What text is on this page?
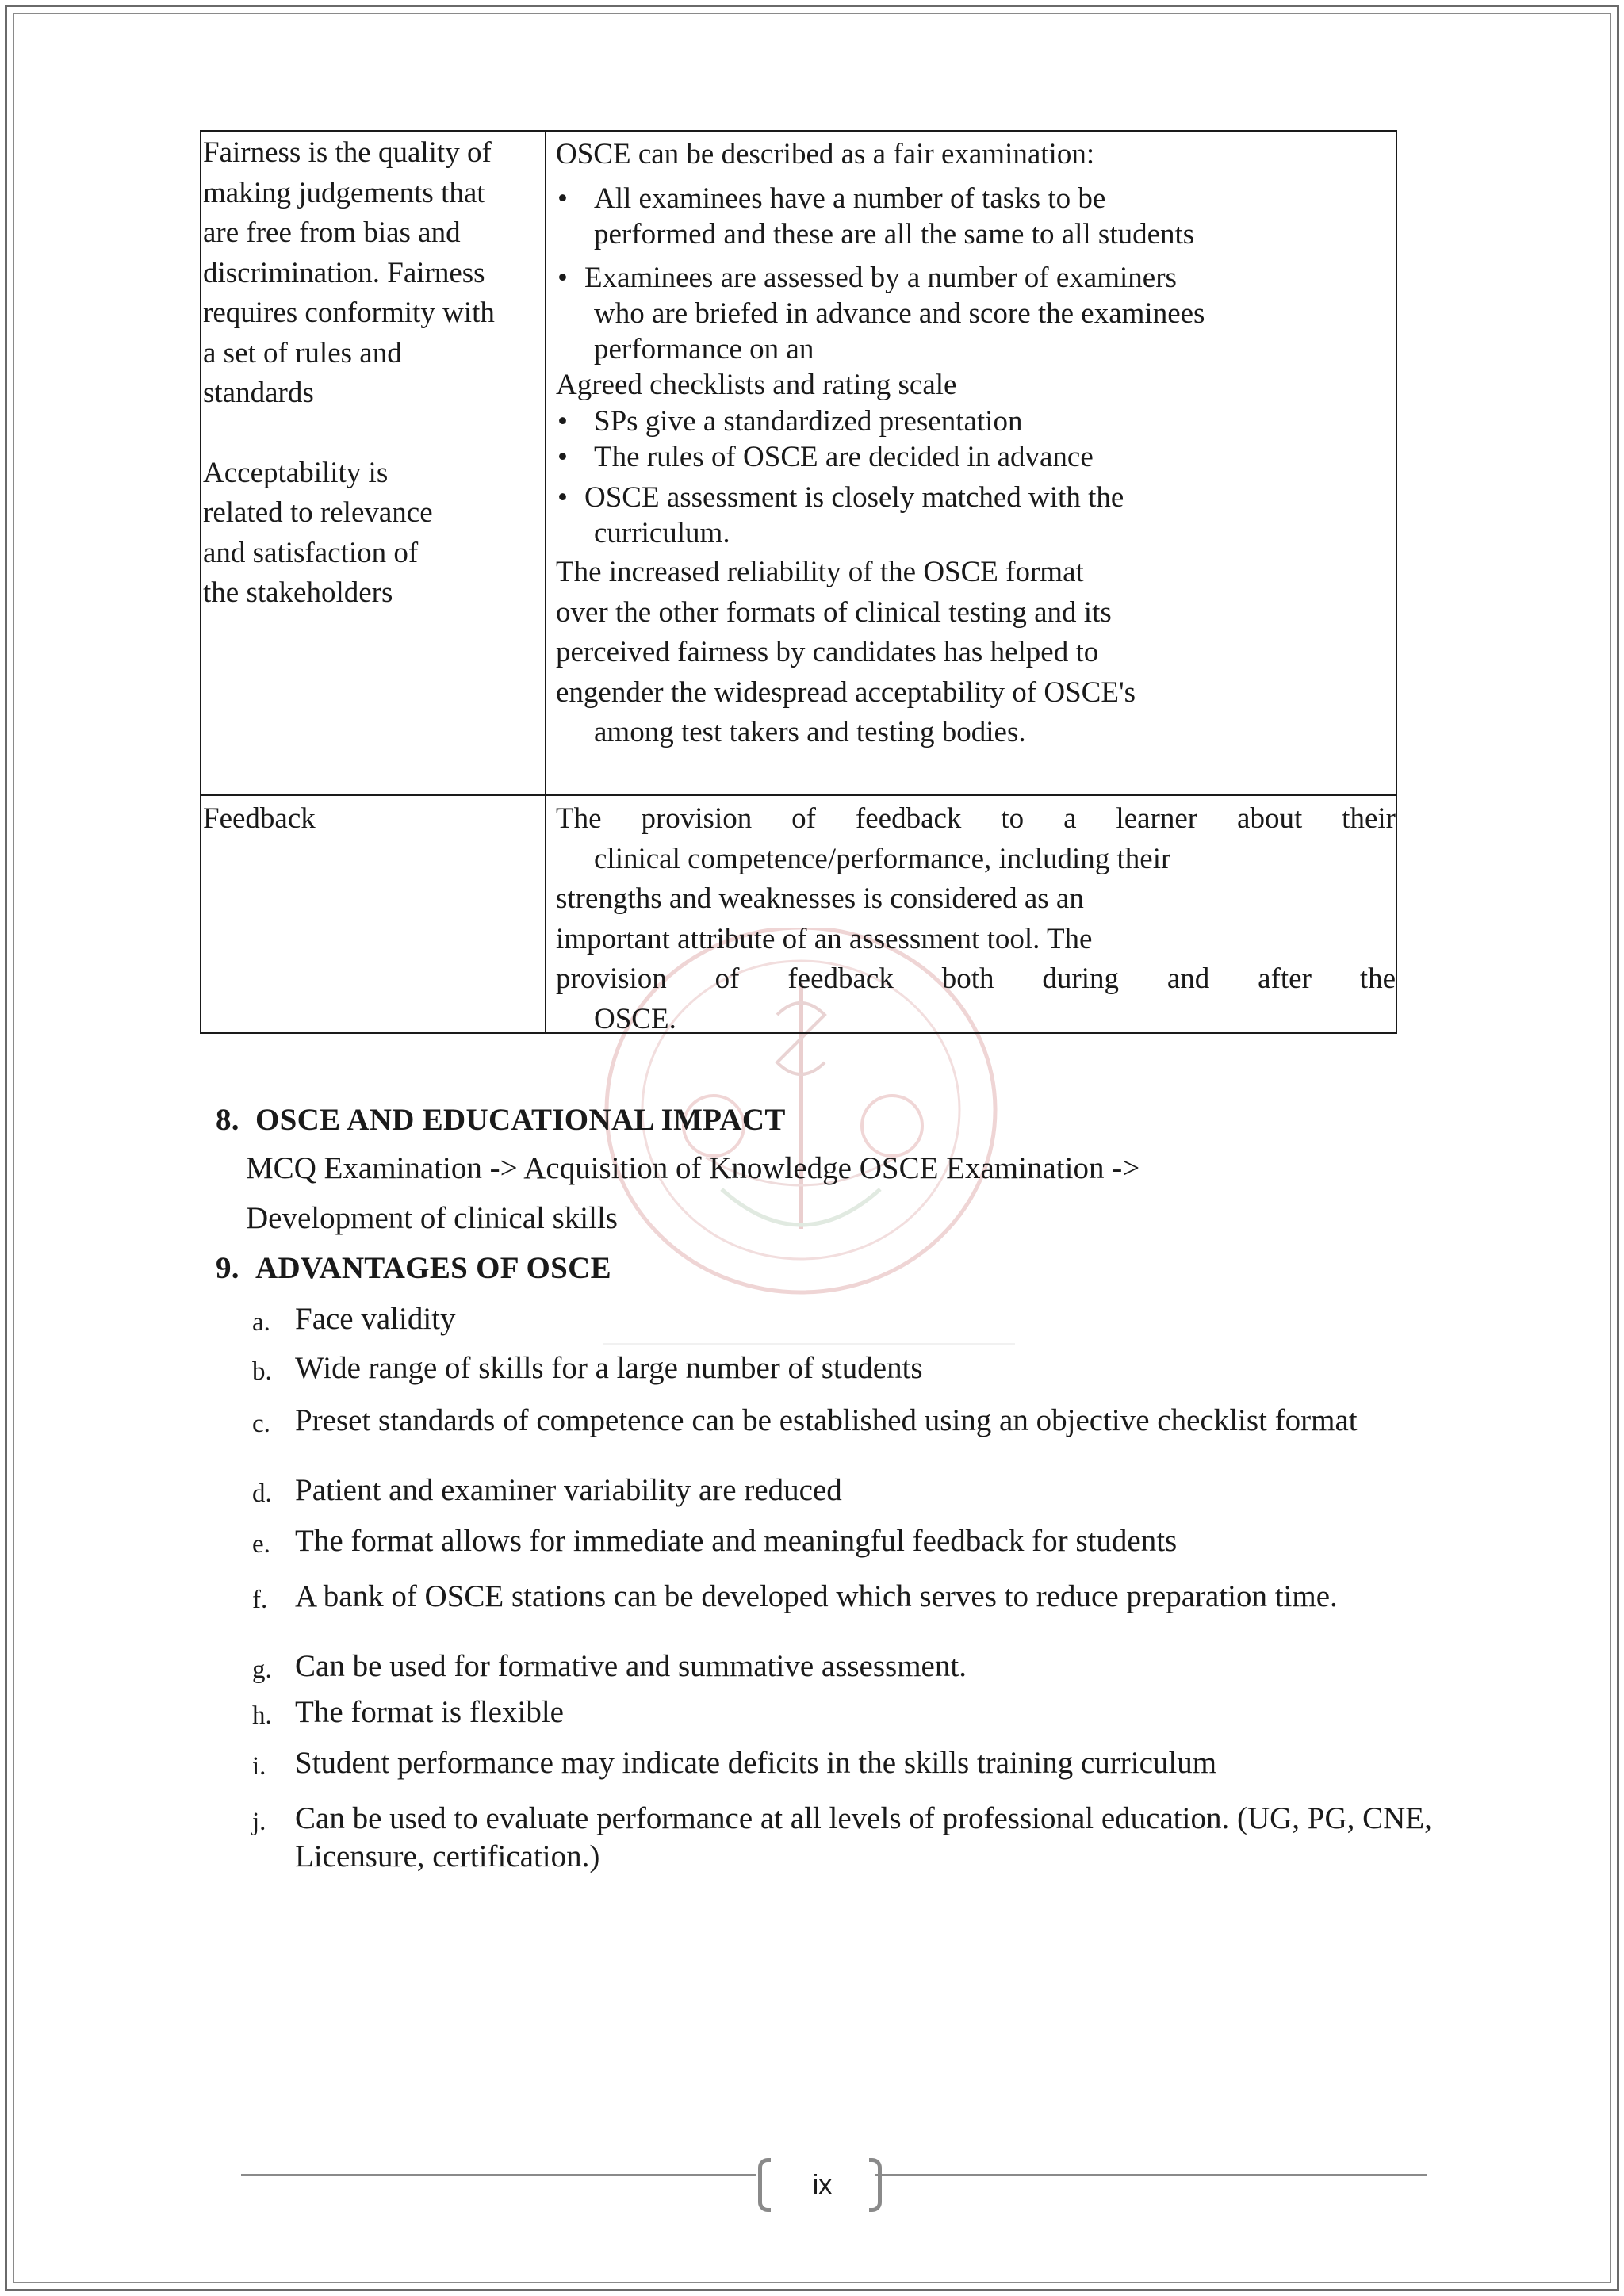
Fairness is the quality of
making judgements that
are free from bias and
discrimination. Fairness
requires conformity with
a set of rules and
standards
Acceptability is
related to relevance
and satisfaction of
the stakeholders

OSCE can be described as a fair examination:

• All examinees have a number of tasks to be
performed and these are all the same to all students
• Examinees are assessed by a number of examiners
who are briefed in advance and score the examinees
performance on an
Agreed checklists and rating scale
• SPs give a standardized presentation
• The rules of OSCE are decided in advance
• OSCE assessment is closely matched with the
curriculum.
The increased reliability of the OSCE format
over the other formats of clinical testing and its
perceived fairness by candidates has helped to
engender the widespread acceptability of OSCE's
among test takers and testing bodies.

Feedback	The provision of feedback to a learner about their
clinical competence/performance, including their
strengths and weaknesses is considered as an
important attribute of an assessment tool. The
provision of feedback both during and after the
OSCE.
8. OSCE AND EDUCATIONAL IMPACT

MCQ Examination -> Acquisition of Knowledge OSCE Examination ->

Development of clinical skills

9. ADVANTAGES OF OSCE
a. Face validity
b. Wide range of skills for a large number of students
c. Preset standards of competence can be established using an objective checklist format
d. Patient and examiner variability are reduced
e. The format allows for immediate and meaningful feedback for students
f. A bank of OSCE stations can be developed which serves to reduce preparation time.
g. Can be used for formative and summative assessment.
h. The format is flexible
i. Student performance may indicate deficits in the skills training curriculum
j. Can be used to evaluate performance at all levels of professional education. (UG, PG, CNE, Licensure, certification.)
ix
